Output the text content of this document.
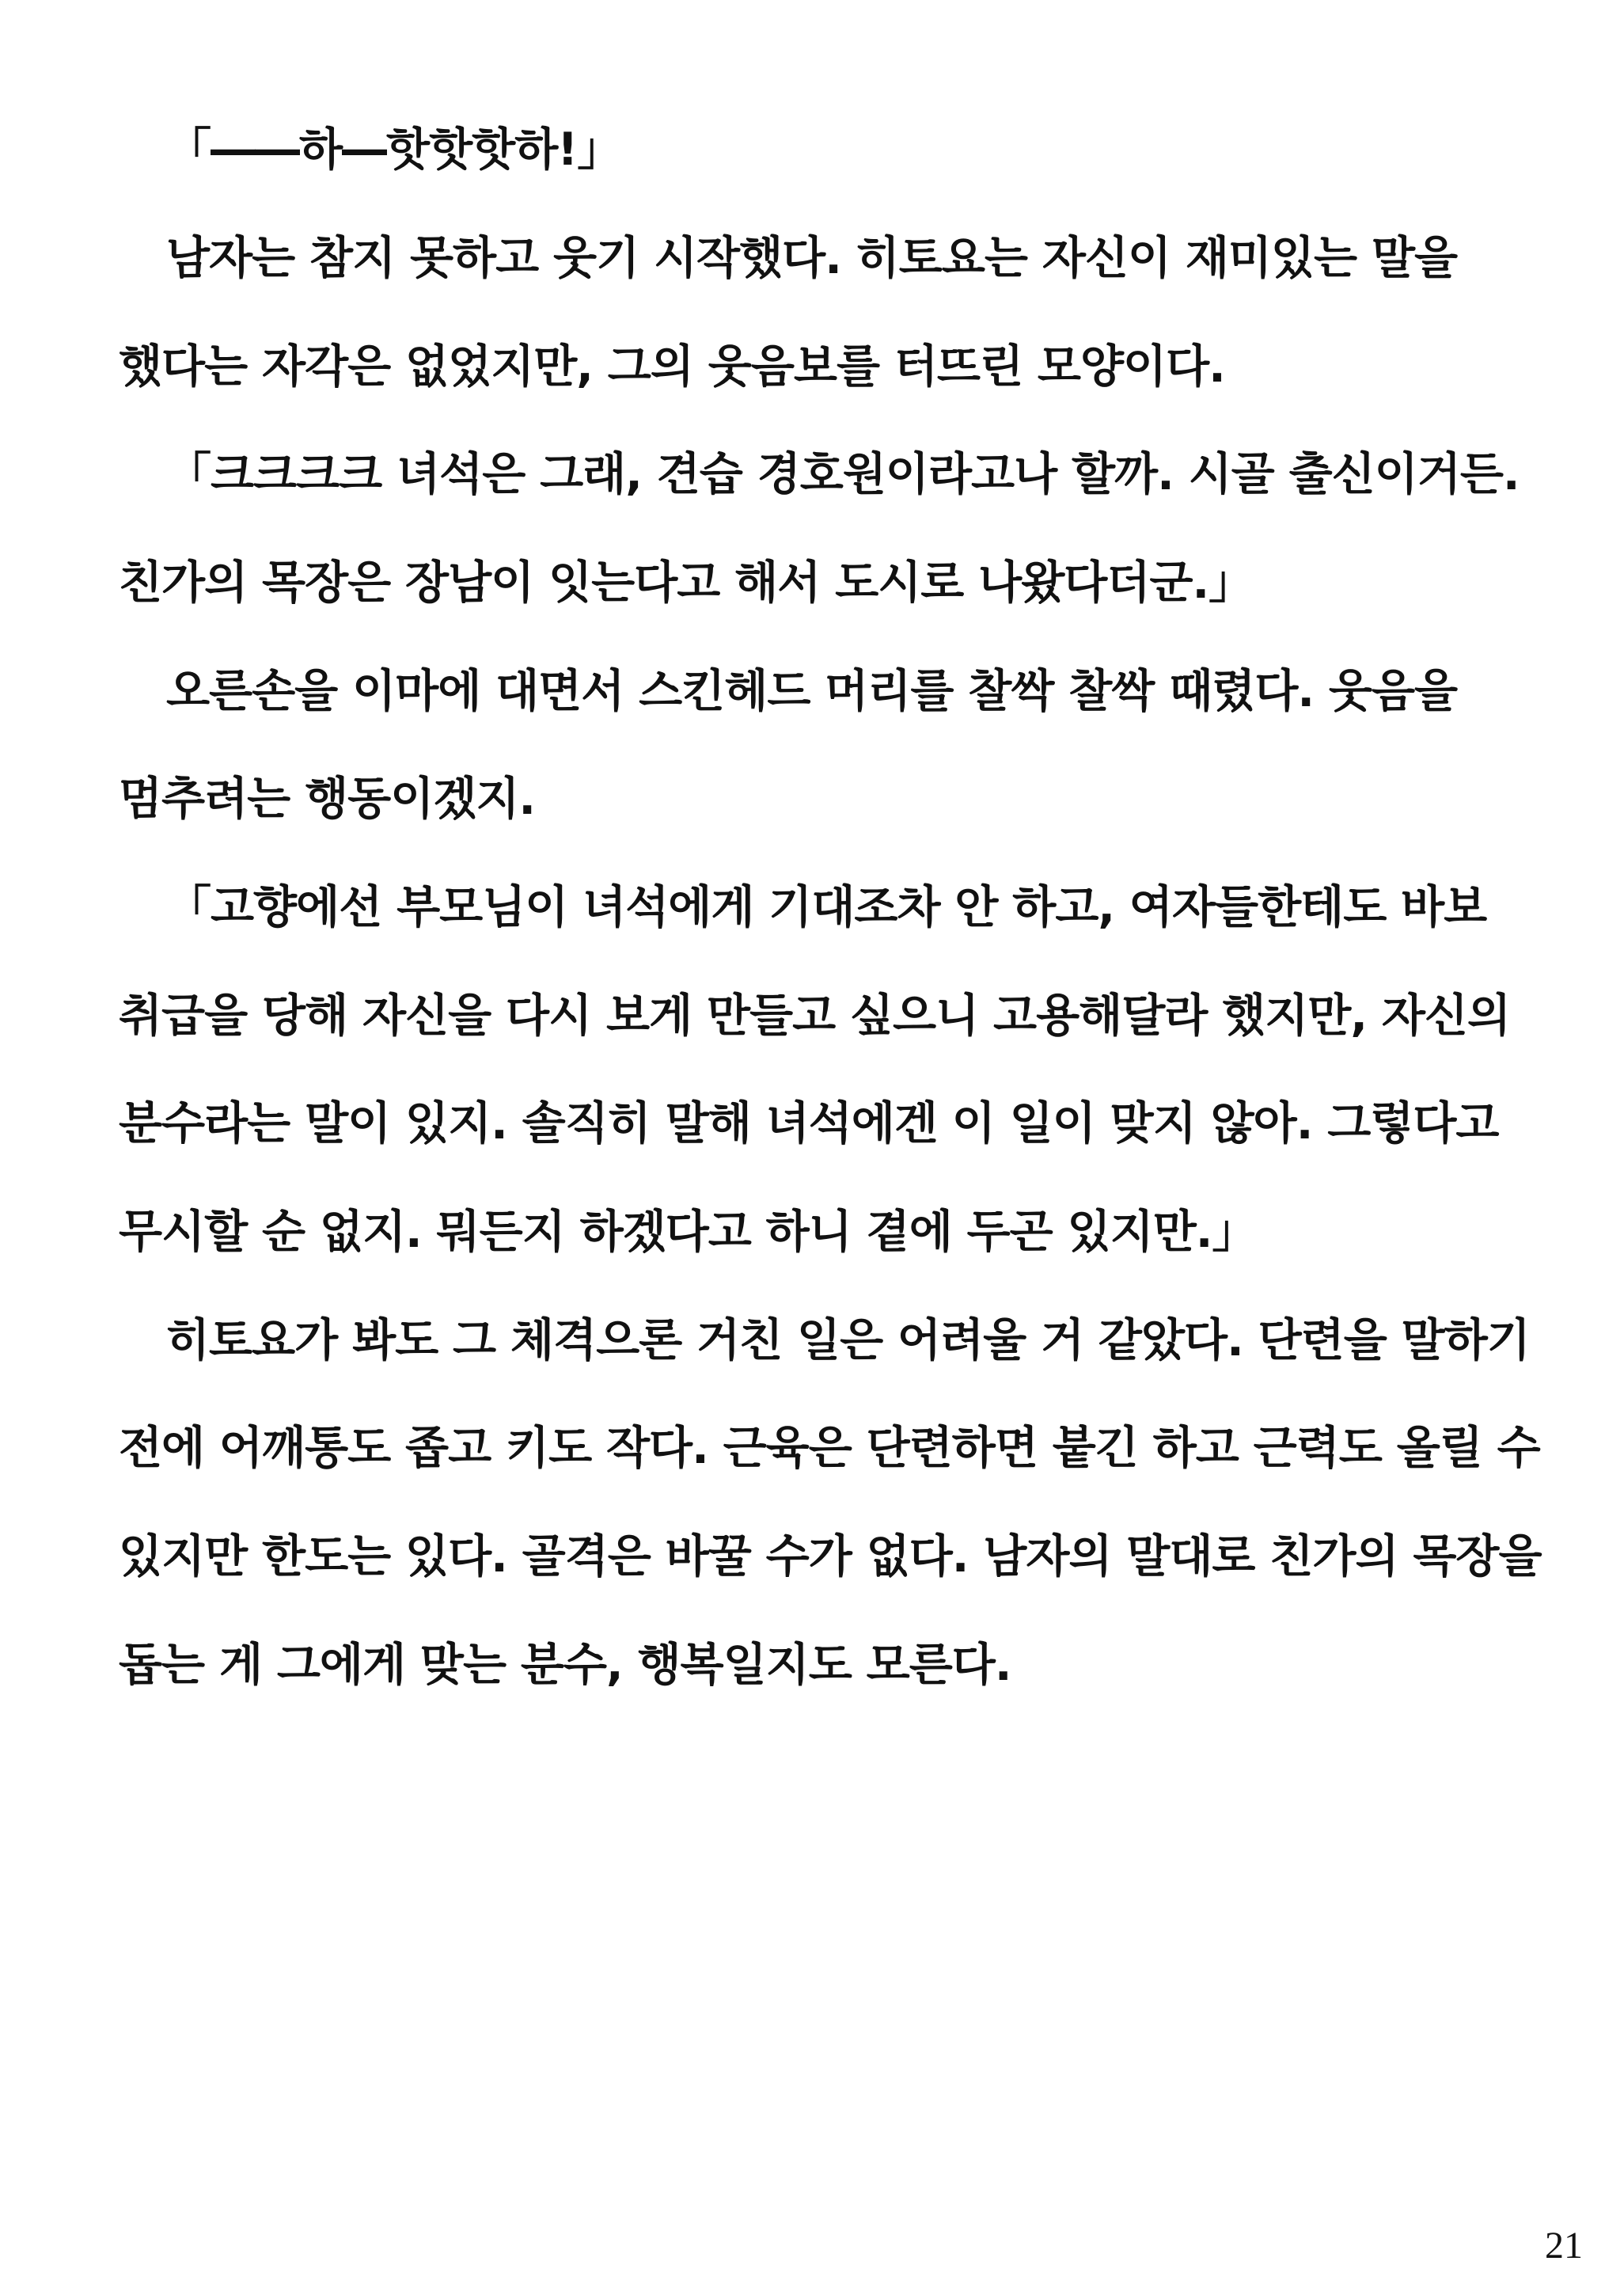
「――하―핫핫핫하!」
남자는 참지 못하고 웃기 시작했다. 히토요는 자신이 재미있는 말을
했다는 자각은 없었지만, 그의 웃음보를 터뜨린 모양이다.
「크크크크 녀석은 그래, 견습 경호원이라고나 할까. 시골 출신이거든.
친가의 목장은 장남이 잇는다고 해서 도시로 나왔다더군.」
오른손을 이마에 대면서 스킨헤드 머리를 찰싹 찰싹 때렸다. 웃음을
멈추려는 행동이겠지.
「고향에선 부모님이 녀석에게 기대조차 안 하고, 여자들한테도 바보
취급을 당해 자신을 다시 보게 만들고 싶으니 고용해달라 했지만, 자신의
분수라는 말이 있지. 솔직히 말해 녀석에겐 이 일이 맞지 않아. 그렇다고
무시할 순 없지. 뭐든지 하겠다고 하니 곁에 두곤 있지만.」
히토요가 봐도 그 체격으론 거친 일은 어려울 거 같았다. 단련을 말하기
전에 어깨통도 좁고 키도 작다. 근육은 단련하면 붙긴 하고 근력도 올릴 수
있지만 한도는 있다. 골격은 바꿀 수가 없다. 남자의 말대로 친가의 목장을
돕는 게 그에게 맞는 분수, 행복일지도 모른다.
21
